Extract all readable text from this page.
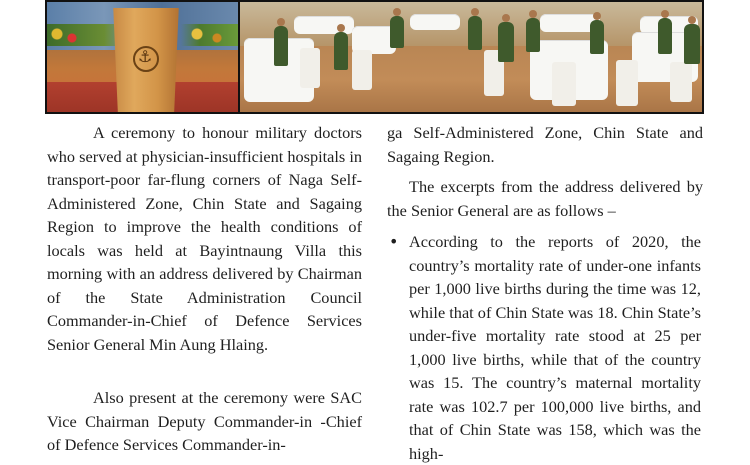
⚓

A ceremony to honour military doctors who served at physician-insufficient hospitals in transport-poor far-flung corners of Naga Self-Administered Zone, Chin State and Sagaing Region to improve the health conditions of locals was held at Bayintnaung Villa this morning with an address delivered by Chairman of the State Administration Council Commander-in-Chief of Defence Services Senior General Min Aung Hlaing.

Also present at the ceremony were SAC Vice Chairman Deputy Commander-in -Chief of Defence Services Commander-in-

ga Self-Administered Zone, Chin State and Sagaing Region.

The excerpts from the address delivered by the Senior General are as follows –

• According to the reports of 2020, the country’s mortality rate of under-one infants per 1,000 live births during the time was 12, while that of Chin State was 18. Chin State’s under-five mortality rate stood at 25 per 1,000 live births, while that of the country was 15. The country’s maternal mortality rate was 102.7 per 100,000 live births, and that of Chin State was 158, which was the high-
